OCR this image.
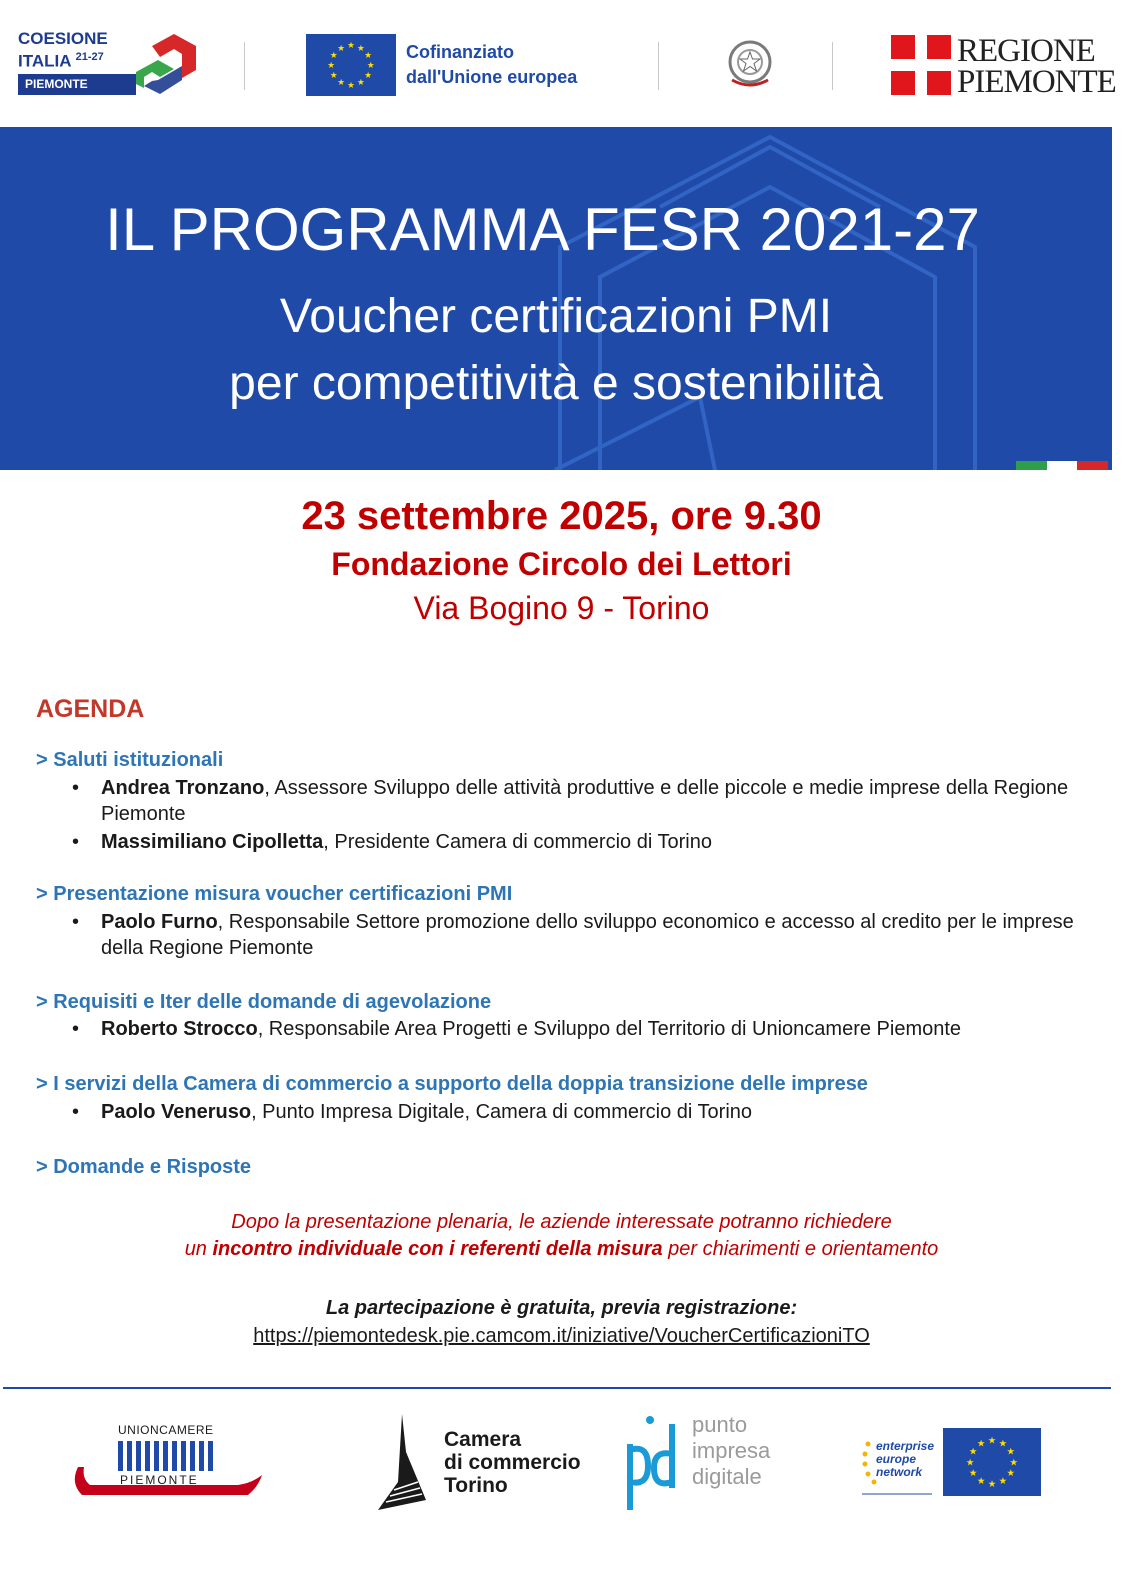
COESIONE
ITALIA $^{21-27}$
PIEMONTE
★ ★
★
★
★
★
★
★
★
★
★
★	Cofinanziato
dall'Unione europea
REGIONE
PIEMONTE
IL PROGRAMMA FESR 2021-27
Voucher certificazioni PMI
per competitività e sostenibilità
23 settembre 2025, ore 9.30
Fondazione Circolo dei Lettori
Via Bogino 9 - Torino
AGENDA
> Saluti istituzionali
•	Andrea Tronzano, Assessore Sviluppo delle attività produttive e delle piccole e medie imprese della Regione Piemonte
•	Massimiliano Cipolletta, Presidente Camera di commercio di Torino
> Presentazione misura voucher certificazioni PMI
•	Paolo Furno, Responsabile Settore promozione dello sviluppo economico e accesso al credito per le imprese della Regione Piemonte
> Requisiti e Iter delle domande di agevolazione
•	Roberto Strocco, Responsabile Area Progetti e Sviluppo del Territorio di Unioncamere Piemonte
> I servizi della Camera di commercio a supporto della doppia transizione delle imprese
•	Paolo Veneruso, Punto Impresa Digitale, Camera di commercio di Torino
> Domande e Risposte
Dopo la presentazione plenaria, le aziende interessate potranno richiedere
un incontro individuale con i referenti della misura per chiarimenti e orientamento
La partecipazione è gratuita, previa registrazione:
https://piemontedesk.pie.camcom.it/iniziative/VoucherCertificazioniTO
UNIONCAMERE
PIEMONTE
Camera
di commercio
Torino
punto
impresa
digitale
enterprise
europe
network
★ ★
★
★
★
★
★
★
★
★
★
★
